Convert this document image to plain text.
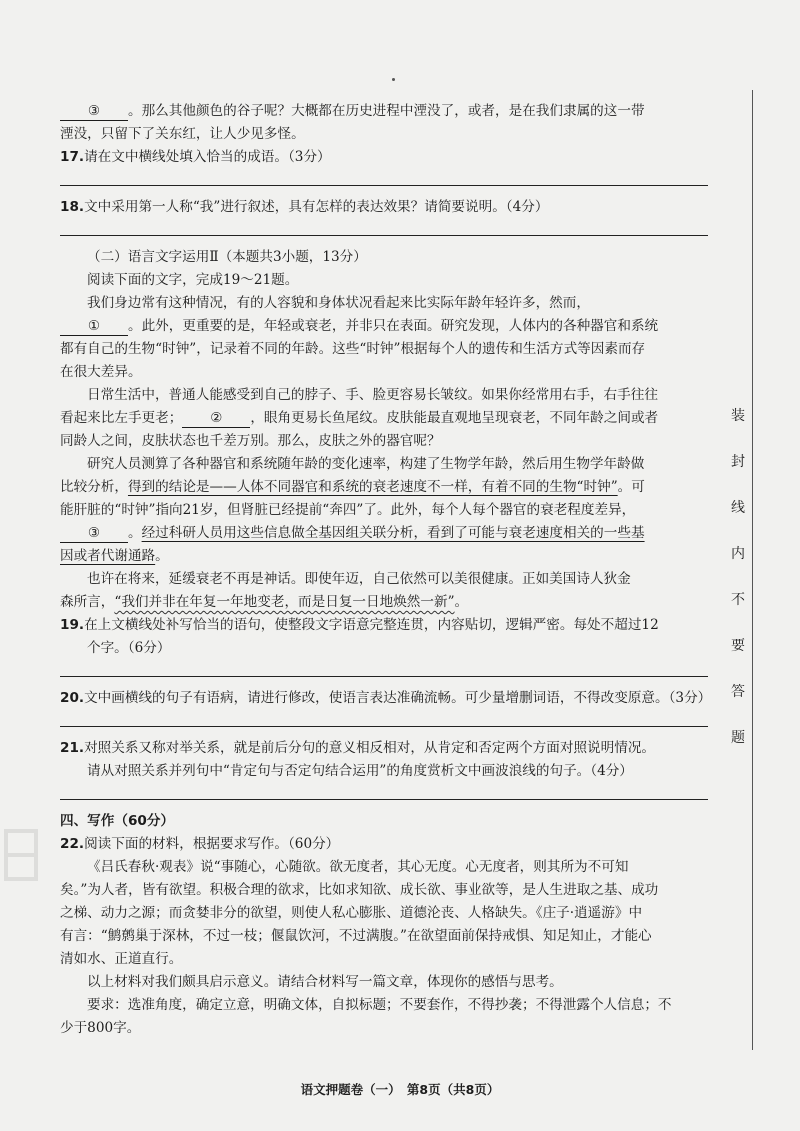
③ 。那么其他颜色的谷子呢？大概都在历史进程中湮没了，或者，是在我们隶属的这一带

湮没，只留下了关东红，让人少见多怪。

17.请在文中横线处填入恰当的成语。（3分）

18.文中采用第一人称“我”进行叙述，具有怎样的表达效果？请简要说明。（4分）

（二）语言文字运用Ⅱ（本题共3小题，13分）

阅读下面的文字，完成19～21题。

我们身边常有这种情况，有的人容貌和身体状况看起来比实际年龄年轻许多，然而，

① 。此外，更重要的是，年轻或衰老，并非只在表面。研究发现，人体内的各种器官和系统

都有自己的生物“时钟”，记录着不同的年龄。这些“时钟”根据每个人的遗传和生活方式等因素而存

在很大差异。

日常生活中，普通人能感受到自己的脖子、手、脸更容易长皱纹。如果你经常用右手，右手往往

看起来比左手更老； ② ，眼角更易长鱼尾纹。皮肤能最直观地呈现衰老，不同年龄之间或者

同龄人之间，皮肤状态也千差万别。那么，皮肤之外的器官呢？

研究人员测算了各种器官和系统随年龄的变化速率，构建了生物学年龄，然后用生物学年龄做

比较分析，得到的结论是——人体不同器官和系统的衰老速度不一样，有着不同的生物“时钟”。可

能肝脏的“时钟”指向21岁，但肾脏已经提前“奔四”了。此外，每个人每个器官的衰老程度差异，

③ 。经过科研人员用这些信息做全基因组关联分析，看到了可能与衰老速度相关的一些基

因或者代谢通路。

也许在将来，延缓衰老不再是神话。即使年迈，自己依然可以美很健康。正如美国诗人狄金

森所言，“我们并非在年复一年地变老，而是日复一日地焕然一新”。

19.在上文横线处补写恰当的语句，使整段文字语意完整连贯，内容贴切，逻辑严密。每处不超过12

个字。（6分）

20.文中画横线的句子有语病，请进行修改，使语言表达准确流畅。可少量增删词语，不得改变原意。（3分）

21.对照关系又称对举关系，就是前后分句的意义相反相对，从肯定和否定两个方面对照说明情况。

请从对照关系并列句中“肯定句与否定句结合运用”的角度赏析文中画波浪线的句子。（4分）

四、写作（60分）

22.阅读下面的材料，根据要求写作。（60分）

《吕氏春秋·观表》说“事随心，心随欲。欲无度者，其心无度。心无度者，则其所为不可知

矣。”为人者，皆有欲望。积极合理的欲求，比如求知欲、成长欲、事业欲等，是人生进取之基、成功

之梯、动力之源；而贪婪非分的欲望，则使人私心膨胀、道德沦丧、人格缺失。《庄子·逍遥游》中

有言：“鹪鹩巢于深林，不过一枝；偃鼠饮河，不过满腹。”在欲望面前保持戒惧、知足知止，才能心

清如水、正道直行。

以上材料对我们颇具启示意义。请结合材料写一篇文章，体现你的感悟与思考。

要求：选准角度，确定立意，明确文体，自拟标题；不要套作，不得抄袭；不得泄露个人信息；不

少于800字。

装
封
线
内
不
要
答
题
语文押题卷（一）　第8页（共8页）
